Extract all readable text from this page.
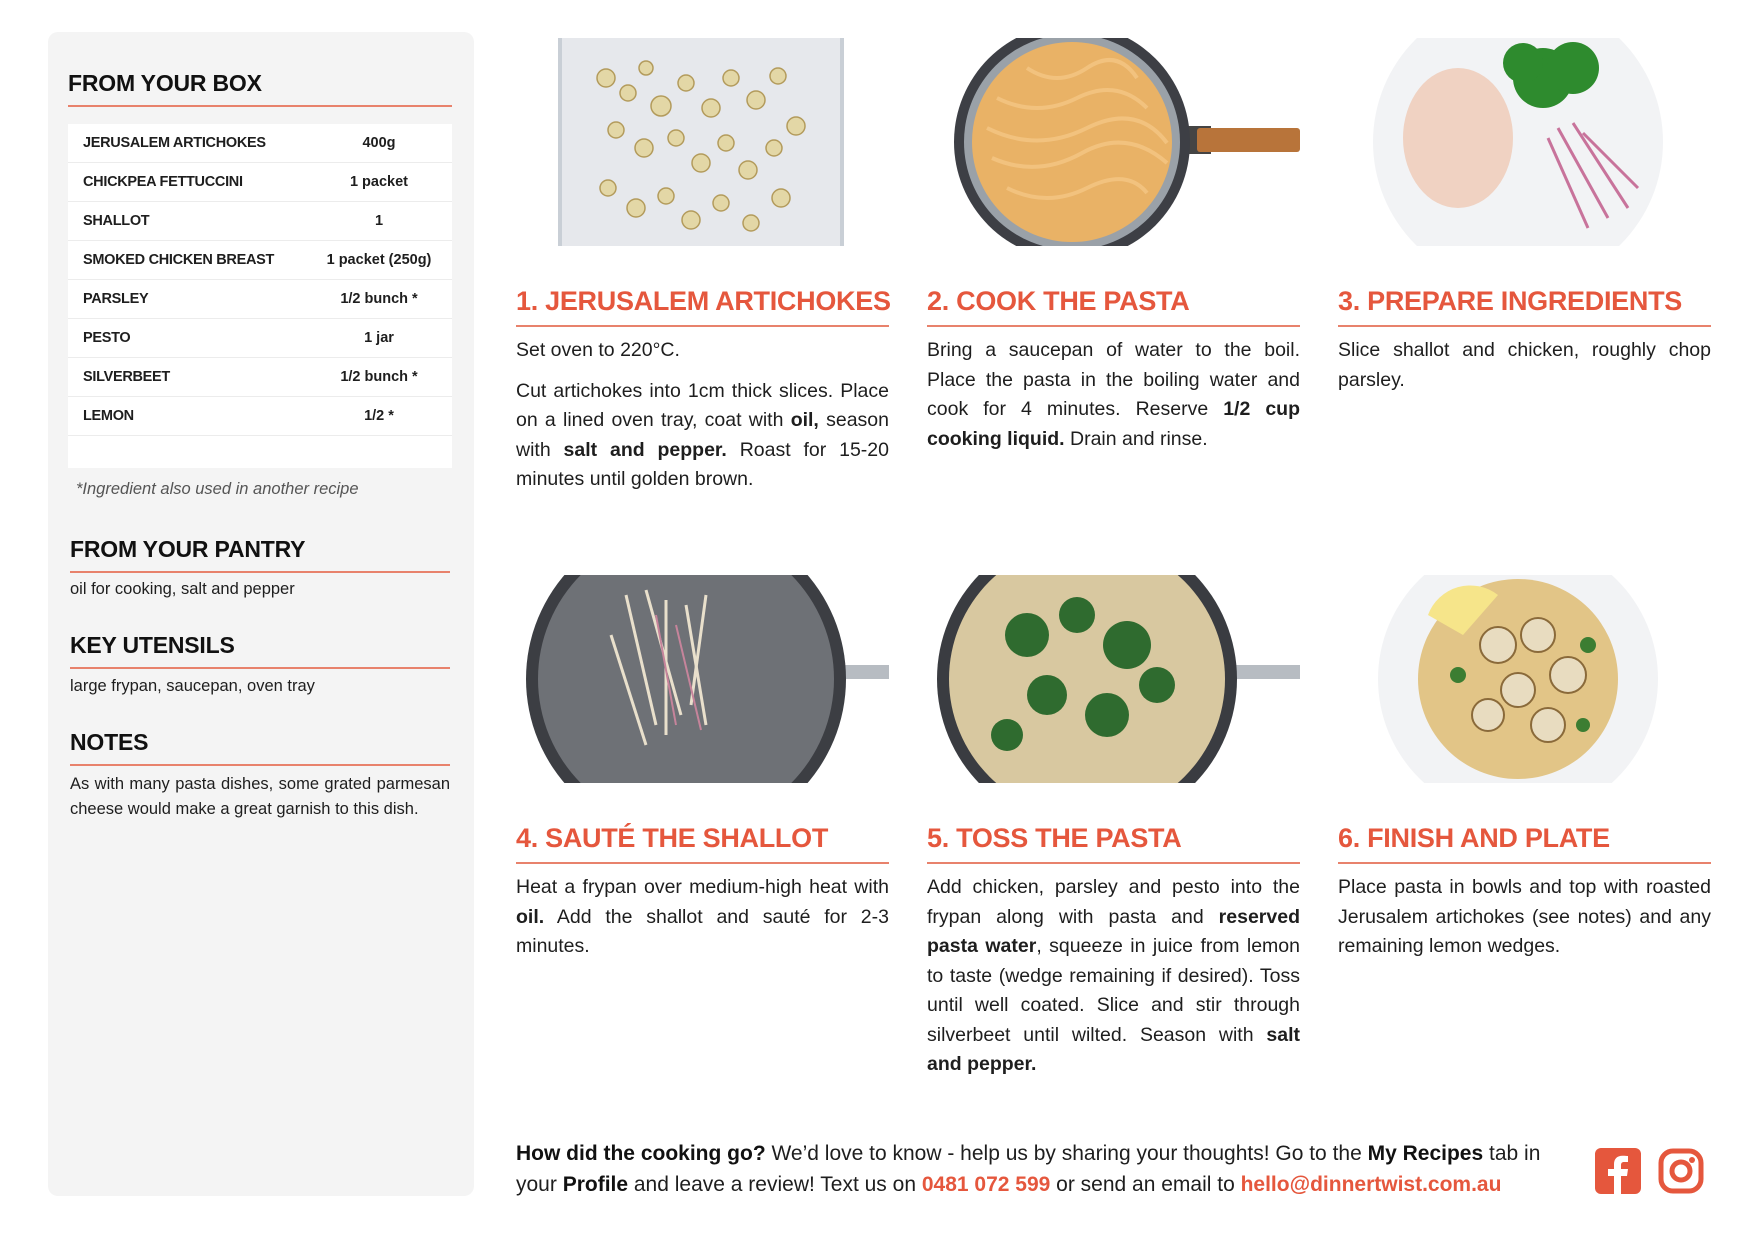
FROM YOUR BOX
JERUSALEM ARTICHOKES	400g
CHICKPEA FETTUCCINI	1 packet
SHALLOT	1
SMOKED CHICKEN BREAST	1 packet (250g)
PARSLEY	1/2 bunch *
PESTO	1 jar
SILVERBEET	1/2 bunch *
LEMON	1/2 *
*Ingredient also used in another recipe
FROM YOUR PANTRY
oil for cooking, salt and pepper
KEY UTENSILS
large frypan, saucepan, oven tray
NOTES
As with many pasta dishes, some grated parmesan cheese would make a great garnish to this dish.
1. JERUSALEM ARTICHOKES

Set oven to 220°C.

Cut artichokes into 1cm thick slices. Place on a lined oven tray, coat with oil, season with salt and pepper. Roast for 15-20 minutes until golden brown.

2. COOK THE PASTA

Bring a saucepan of water to the boil. Place the pasta in the boiling water and cook for 4 minutes. Reserve 1/2 cup cooking liquid. Drain and rinse.

3. PREPARE INGREDIENTS

Slice shallot and chicken, roughly chop parsley.

4. SAUTÉ THE SHALLOT

Heat a frypan over medium-high heat with oil. Add the shallot and sauté for 2-3 minutes.

5. TOSS THE PASTA

Add chicken, parsley and pesto into the frypan along with pasta and reserved pasta water, squeeze in juice from lemon to taste (wedge remaining if desired). Toss until well coated. Slice and stir through silverbeet until wilted. Season with salt and pepper.

6. FINISH AND PLATE

Place pasta in bowls and top with roasted Jerusalem artichokes (see notes) and any remaining lemon wedges.

How did the cooking go? We’d love to know - help us by sharing your thoughts! Go to the My Recipes tab in your Profile and leave a review! Text us on 0481 072 599 or send an email to hello@dinnertwist.com.au
